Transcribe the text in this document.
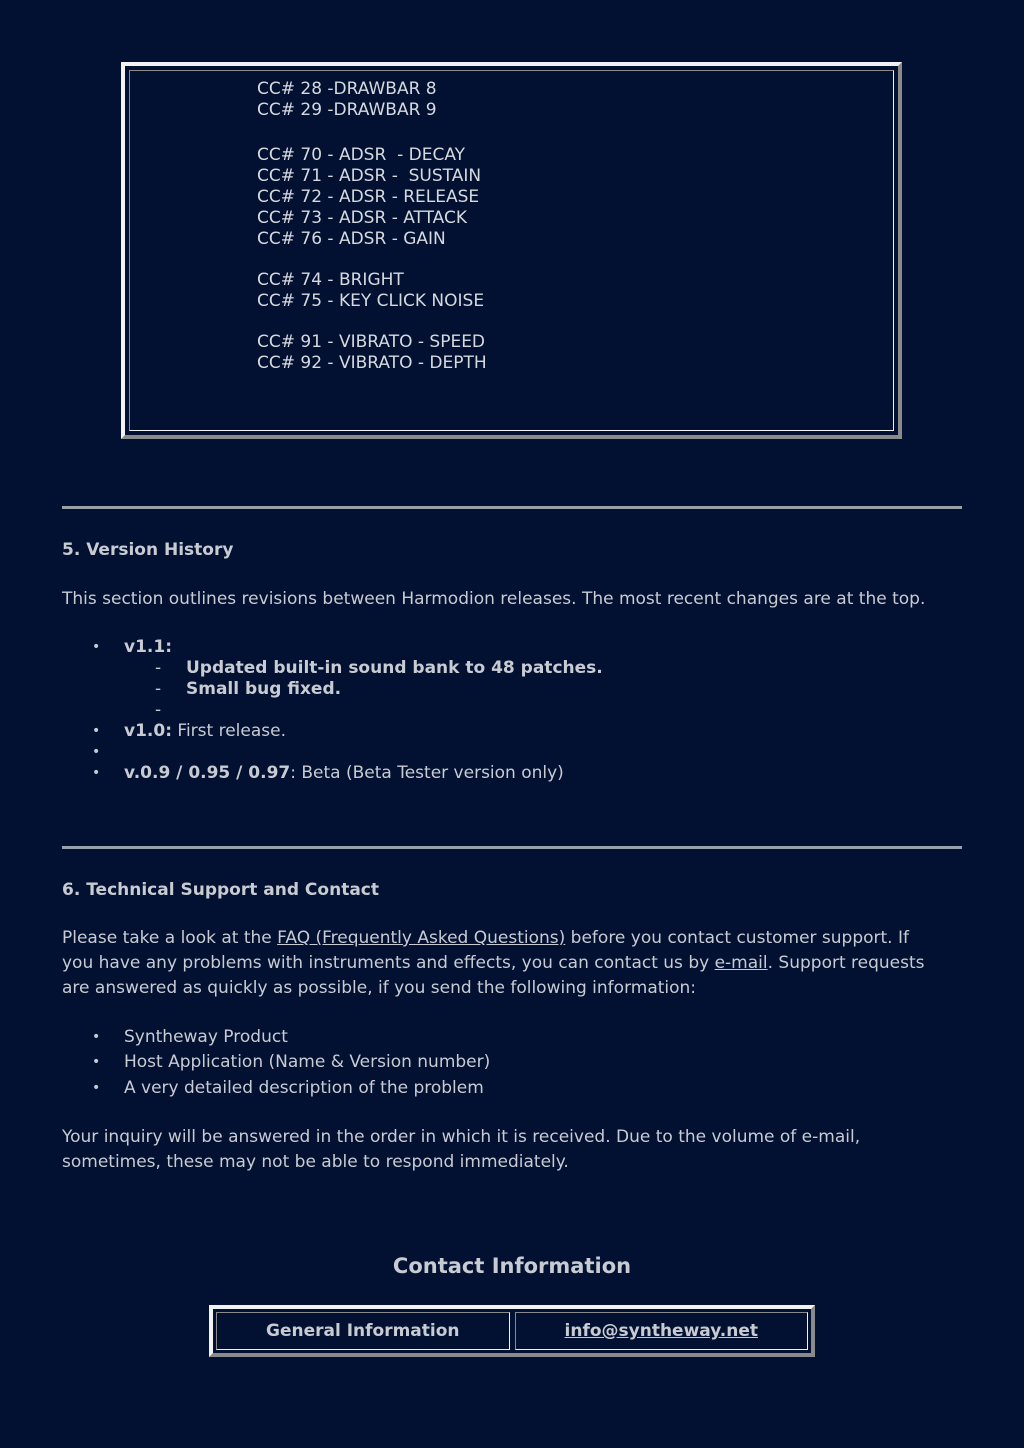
CC# 28 -DRAWBAR 8
CC# 29 -DRAWBAR 9
CC# 70 - ADSR  - DECAY
CC# 71 - ADSR -  SUSTAIN
CC# 72 - ADSR - RELEASE
CC# 73 - ADSR - ATTACK
CC# 76 - ADSR - GAIN
CC# 74 - BRIGHT
CC# 75 - KEY CLICK NOISE
CC# 91 - VIBRATO - SPEED
CC# 92 - VIBRATO - DEPTH
5. Version History
This section outlines revisions between Harmodion releases. The most recent changes are at the top.
• v1.1:
- Updated built-in sound bank to 48 patches.
- Small bug fixed.
-
• v1.0: First release.
•
• v.0.9 / 0.95 / 0.97: Beta (Beta Tester version only)
6. Technical Support and Contact
Please take a look at the FAQ (Frequently Asked Questions) before you contact customer support. If
you have any problems with instruments and effects, you can contact us by e-mail. Support requests
are answered as quickly as possible, if you send the following information:
• Syntheway Product
• Host Application (Name & Version number)
• A very detailed description of the problem
Your inquiry will be answered in the order in which it is received. Due to the volume of e-mail,
sometimes, these may not be able to respond immediately.
Contact Information
General Information	info@syntheway.net
